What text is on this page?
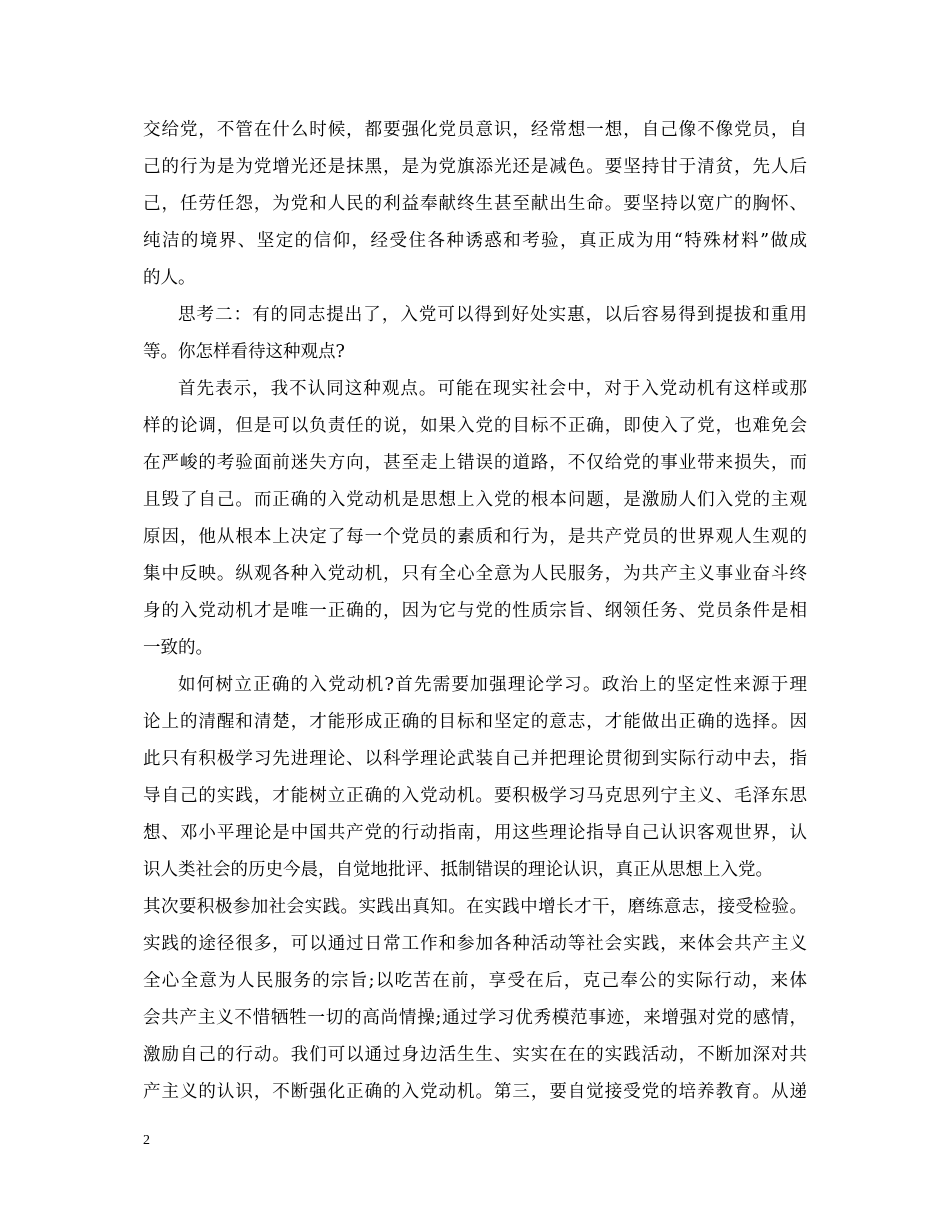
交给党，不管在什么时候，都要强化党员意识，经常想一想，自己像不像党员，自
己的行为是为党增光还是抹黑，是为党旗添光还是减色。要坚持甘于清贫，先人后
己，任劳任怨，为党和人民的利益奉献终生甚至献出生命。要坚持以宽广的胸怀、
纯洁的境界、坚定的信仰，经受住各种诱惑和考验，真正成为用“特殊材料”做成
的人。
思考二：有的同志提出了，入党可以得到好处实惠，以后容易得到提拔和重用
等。你怎样看待这种观点?
首先表示，我不认同这种观点。可能在现实社会中，对于入党动机有这样或那
样的论调，但是可以负责任的说，如果入党的目标不正确，即使入了党，也难免会
在严峻的考验面前迷失方向，甚至走上错误的道路，不仅给党的事业带来损失，而
且毁了自己。而正确的入党动机是思想上入党的根本问题，是激励人们入党的主观
原因，他从根本上决定了每一个党员的素质和行为，是共产党员的世界观人生观的
集中反映。纵观各种入党动机，只有全心全意为人民服务，为共产主义事业奋斗终
身的入党动机才是唯一正确的，因为它与党的性质宗旨、纲领任务、党员条件是相
一致的。
如何树立正确的入党动机?首先需要加强理论学习。政治上的坚定性来源于理
论上的清醒和清楚，才能形成正确的目标和坚定的意志，才能做出正确的选择。因
此只有积极学习先进理论、以科学理论武装自己并把理论贯彻到实际行动中去，指
导自己的实践，才能树立正确的入党动机。要积极学习马克思列宁主义、毛泽东思
想、邓小平理论是中国共产党的行动指南，用这些理论指导自己认识客观世界，认
识人类社会的历史今晨，自觉地批评、抵制错误的理论认识，真正从思想上入党。
其次要积极参加社会实践。实践出真知。在实践中增长才干，磨练意志，接受检验。
实践的途径很多，可以通过日常工作和参加各种活动等社会实践，来体会共产主义
全心全意为人民服务的宗旨;以吃苦在前，享受在后，克己奉公的实际行动，来体
会共产主义不惜牺牲一切的高尚情操;通过学习优秀模范事迹，来增强对党的感情，
激励自己的行动。我们可以通过身边活生生、实实在在的实践活动，不断加深对共
产主义的认识，不断强化正确的入党动机。第三，要自觉接受党的培养教育。从递
2
